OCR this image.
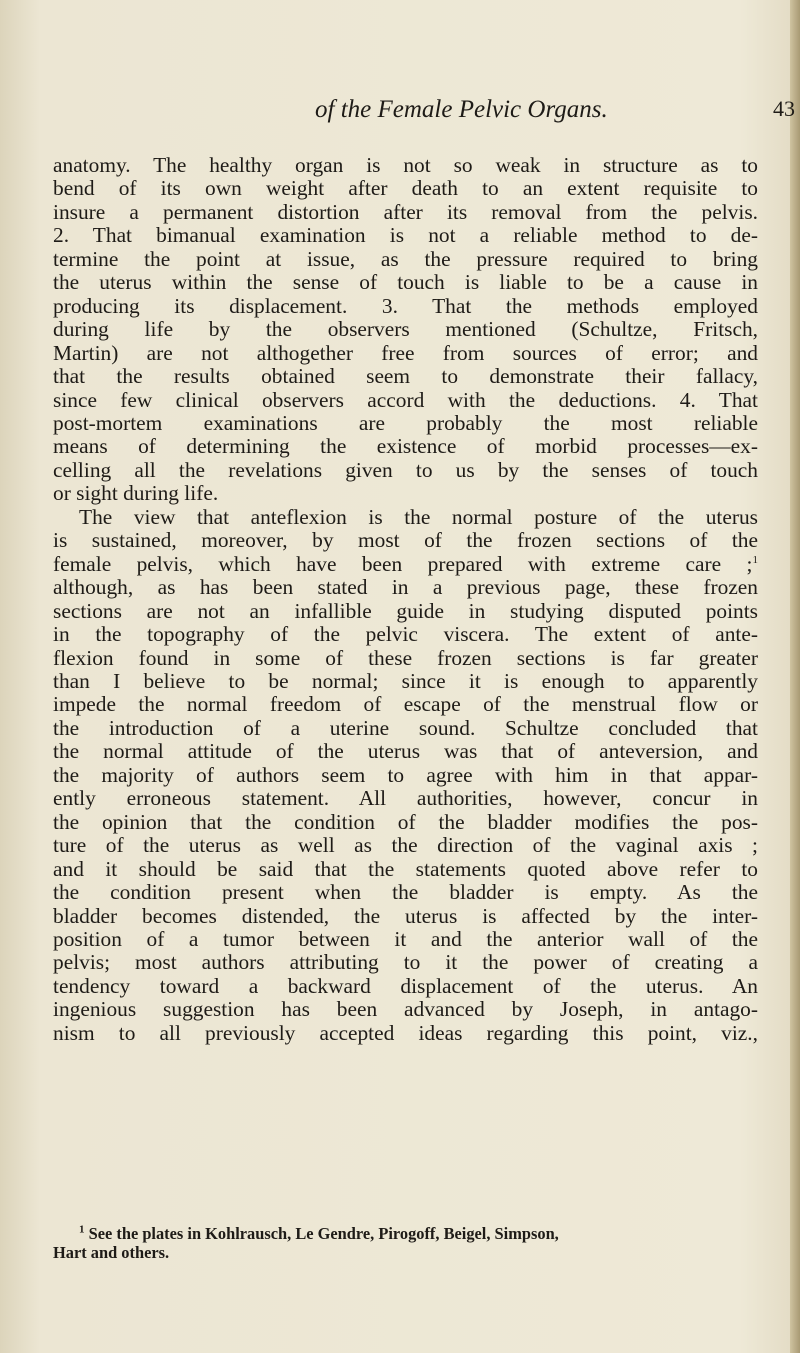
of the Female Pelvic Organs.	43
anatomy. The healthy organ is not so weak in structure as to
bend of its own weight after death to an extent requisite to
insure a permanent distortion after its removal from the pelvis.
2. That bimanual examination is not a reliable method to de-
termine the point at issue, as the pressure required to bring
the uterus within the sense of touch is liable to be a cause in
producing its displacement. 3. That the methods employed
during life by the observers mentioned (Schultze, Fritsch,
Martin) are not althogether free from sources of error; and
that the results obtained seem to demonstrate their fallacy,
since few clinical observers accord with the deductions. 4. That
post-mortem examinations are probably the most reliable
means of determining the existence of morbid processes—ex-
celling all the revelations given to us by the senses of touch
or sight during life.
The view that anteflexion is the normal posture of the uterus
is sustained, moreover, by most of the frozen sections of the
female pelvis, which have been prepared with extreme care ;$^1$
although, as has been stated in a previous page, these frozen
sections are not an infallible guide in studying disputed points
in the topography of the pelvic viscera. The extent of ante-
flexion found in some of these frozen sections is far greater
than I believe to be normal; since it is enough to apparently
impede the normal freedom of escape of the menstrual flow or
the introduction of a uterine sound. Schultze concluded that
the normal attitude of the uterus was that of anteversion, and
the majority of authors seem to agree with him in that appar-
ently erroneous statement. All authorities, however, concur in
the opinion that the condition of the bladder modifies the pos-
ture of the uterus as well as the direction of the vaginal axis ;
and it should be said that the statements quoted above refer to
the condition present when the bladder is empty. As the
bladder becomes distended, the uterus is affected by the inter-
position of a tumor between it and the anterior wall of the
pelvis; most authors attributing to it the power of creating a
tendency toward a backward displacement of the uterus. An
ingenious suggestion has been advanced by Joseph, in antago-
nism to all previously accepted ideas regarding this point, viz.,
$^1$ See the plates in Kohlrausch, Le Gendre, Pirogoff, Beigel, Simpson,
Hart and others.
